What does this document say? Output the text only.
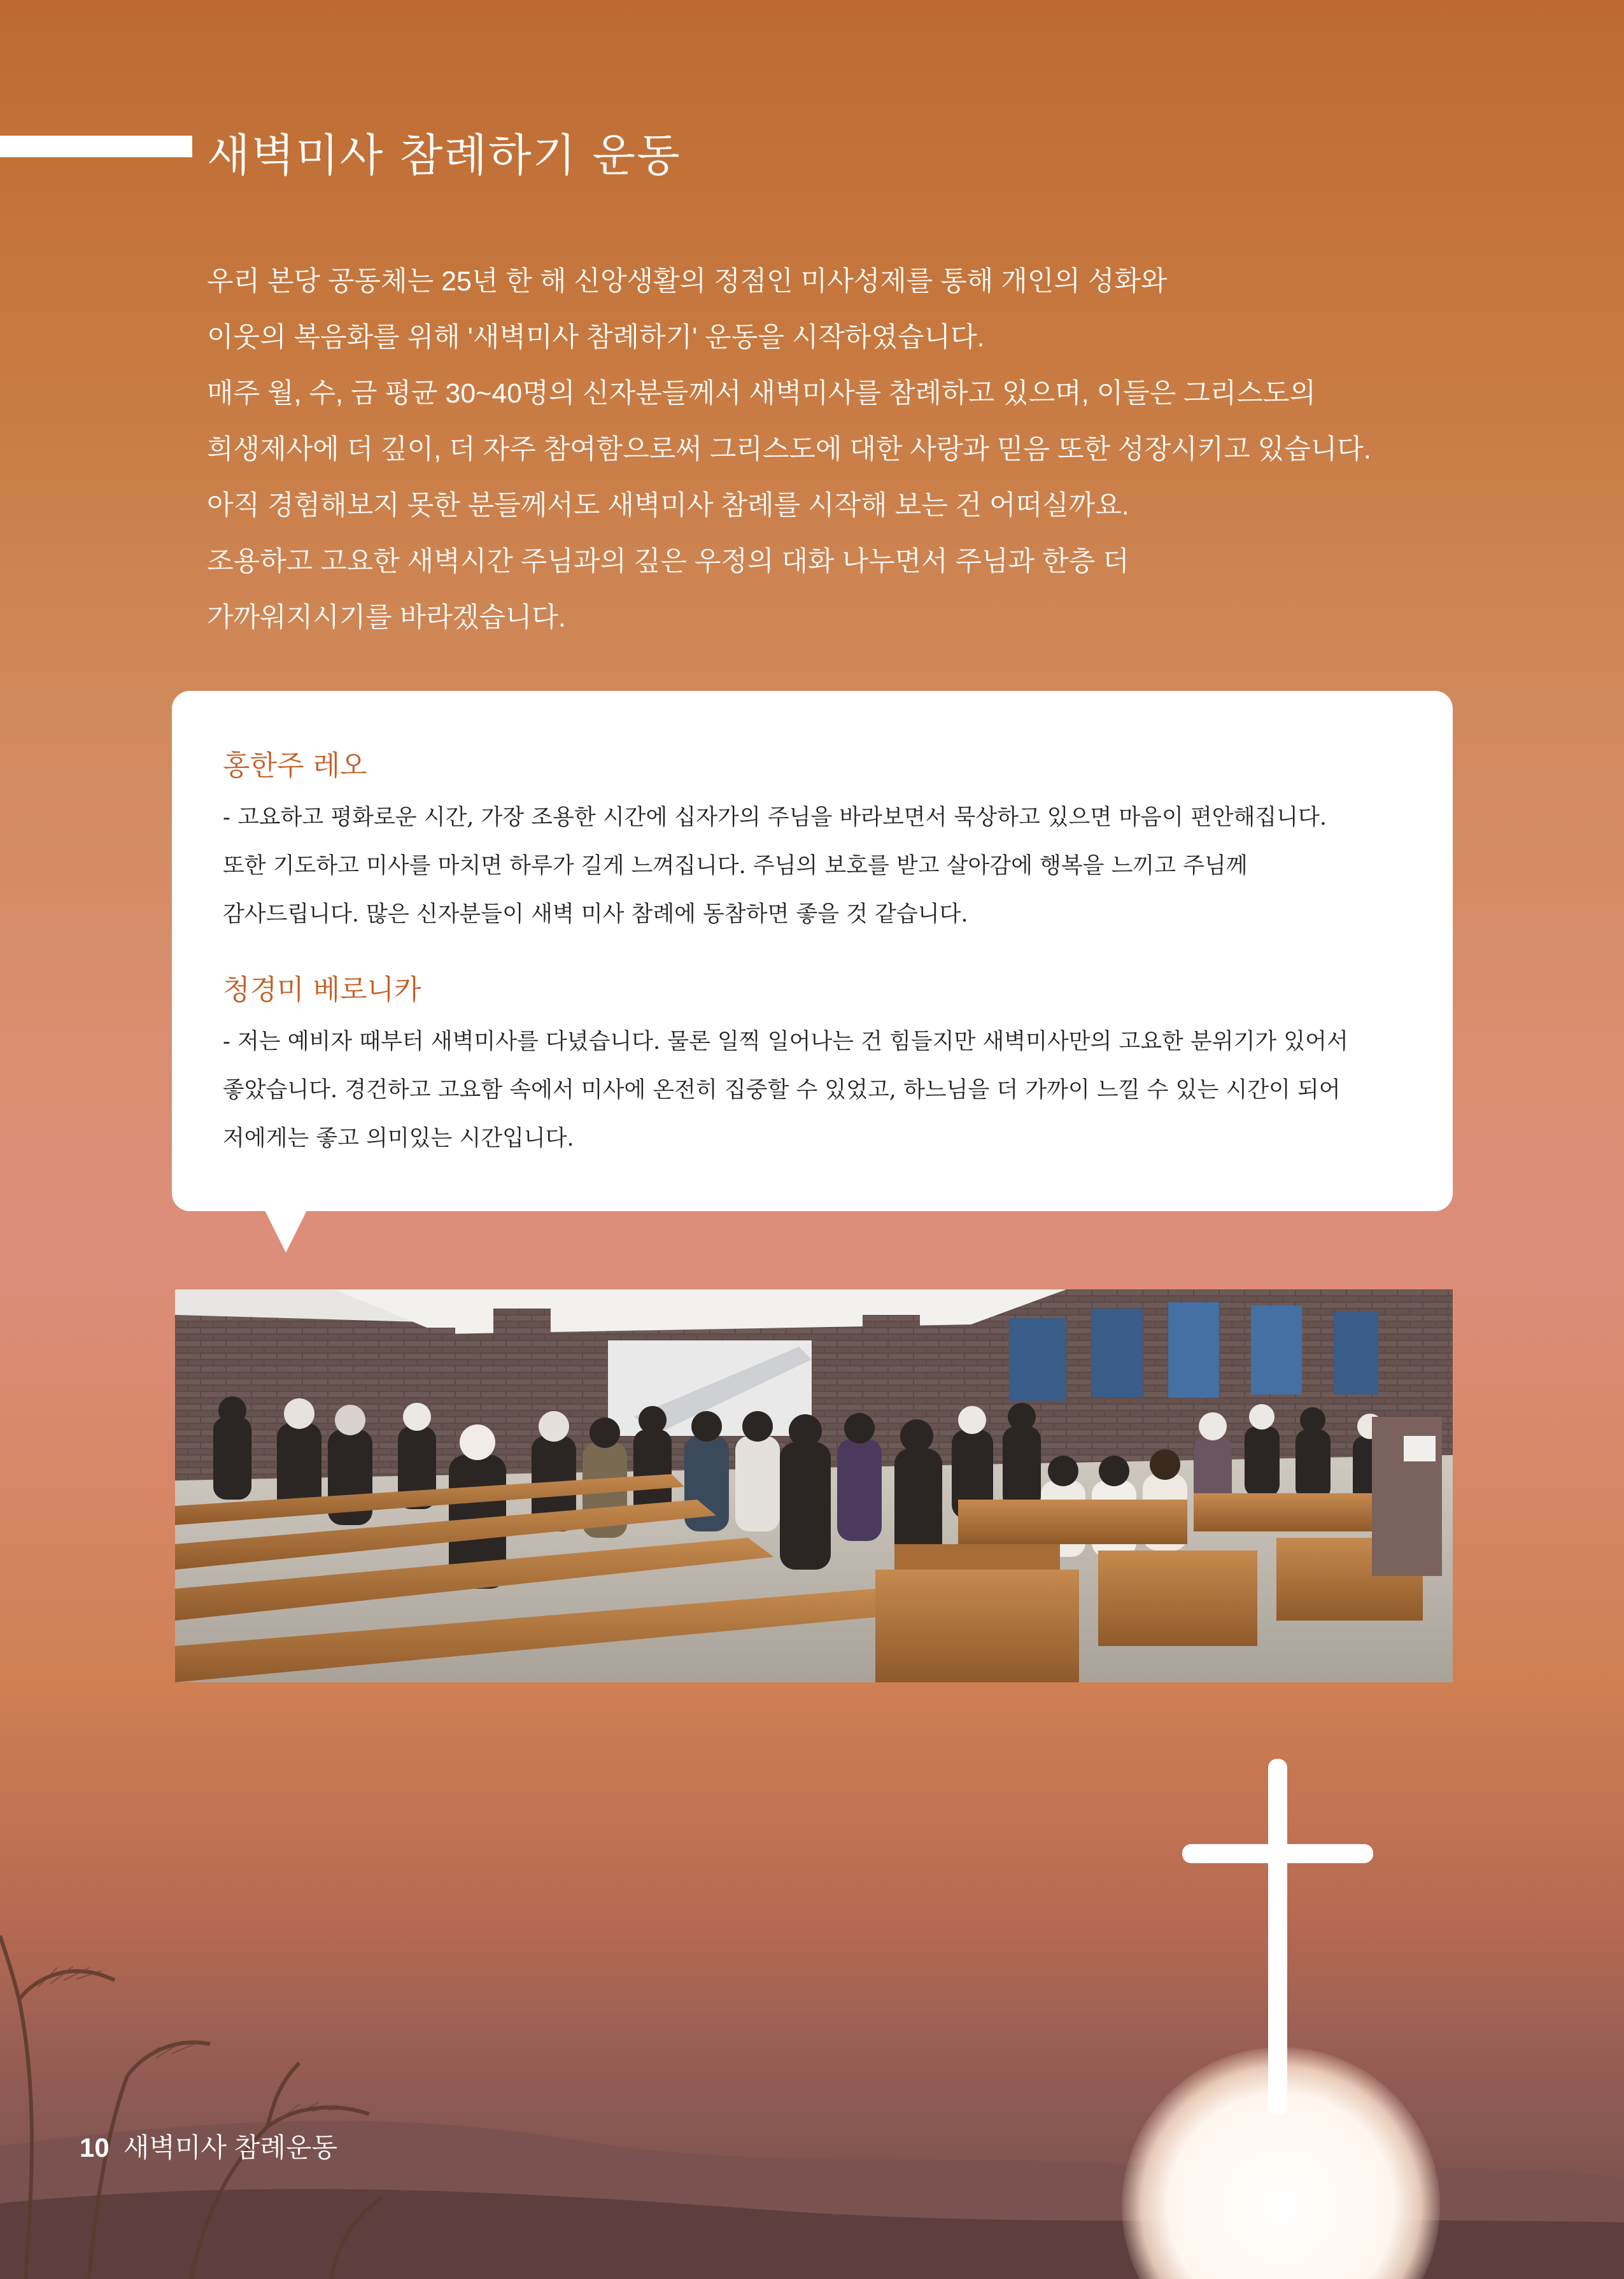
새벽미사 참례하기 운동

우리 본당 공동체는 25년 한 해 신앙생활의 정점인 미사성제를 통해 개인의 성화와

이웃의 복음화를 위해 '새벽미사 참례하기' 운동을 시작하였습니다.

매주 월, 수, 금 평균 30~40명의 신자분들께서 새벽미사를 참례하고 있으며, 이들은 그리스도의

희생제사에 더 깊이, 더 자주 참여함으로써 그리스도에 대한 사랑과 믿음 또한 성장시키고 있습니다.

아직 경험해보지 못한 분들께서도 새벽미사 참례를 시작해 보는 건 어떠실까요.

조용하고 고요한 새벽시간 주님과의 깊은 우정의 대화 나누면서 주님과 한층 더

가까워지시기를 바라겠습니다.

홍한주 레오

- 고요하고 평화로운 시간, 가장 조용한 시간에 십자가의 주님을 바라보면서 묵상하고 있으면 마음이 편안해집니다.

또한 기도하고 미사를 마치면 하루가 길게 느껴집니다. 주님의 보호를 받고 살아감에 행복을 느끼고 주님께

감사드립니다. 많은 신자분들이 새벽 미사 참례에 동참하면 좋을 것 같습니다.

청경미 베로니카

- 저는 예비자 때부터 새벽미사를 다녔습니다. 물론 일찍 일어나는 건 힘들지만 새벽미사만의 고요한 분위기가 있어서

좋았습니다. 경건하고 고요함 속에서 미사에 온전히 집중할 수 있었고, 하느님을 더 가까이 느낄 수 있는 시간이 되어

저에게는 좋고 의미있는 시간입니다.

10 새벽미사 참례운동
